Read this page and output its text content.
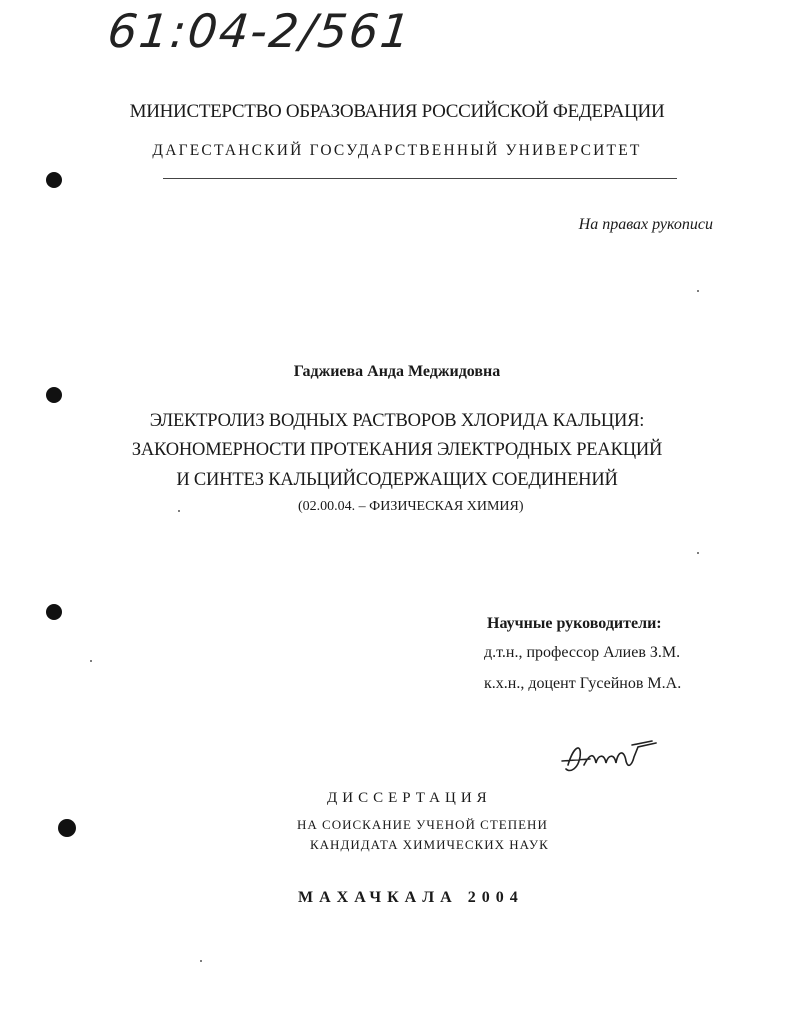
61:04-2/561
МИНИСТЕРСТВО ОБРАЗОВАНИЯ РОССИЙСКОЙ ФЕДЕРАЦИИ
ДАГЕСТАНСКИЙ ГОСУДАРСТВЕННЫЙ УНИВЕРСИТЕТ
На правах рукописи
Гаджиева Анда Меджидовна
ЭЛЕКТРОЛИЗ ВОДНЫХ РАСТВОРОВ ХЛОРИДА КАЛЬЦИЯ:
ЗАКОНОМЕРНОСТИ ПРОТЕКАНИЯ ЭЛЕКТРОДНЫХ РЕАКЦИЙ
И СИНТЕЗ КАЛЬЦИЙСОДЕРЖАЩИХ СОЕДИНЕНИЙ
(02.00.04. – ФИЗИЧЕСКАЯ ХИМИЯ)
Научные руководители:
д.т.н., профессор Алиев З.М.
к.х.н., доцент Гусейнов М.А.
ДИССЕРТАЦИЯ
НА СОИСКАНИЕ УЧЕНОЙ СТЕПЕНИ
КАНДИДАТА ХИМИЧЕСКИХ НАУК
МАХАЧКАЛА 2004
